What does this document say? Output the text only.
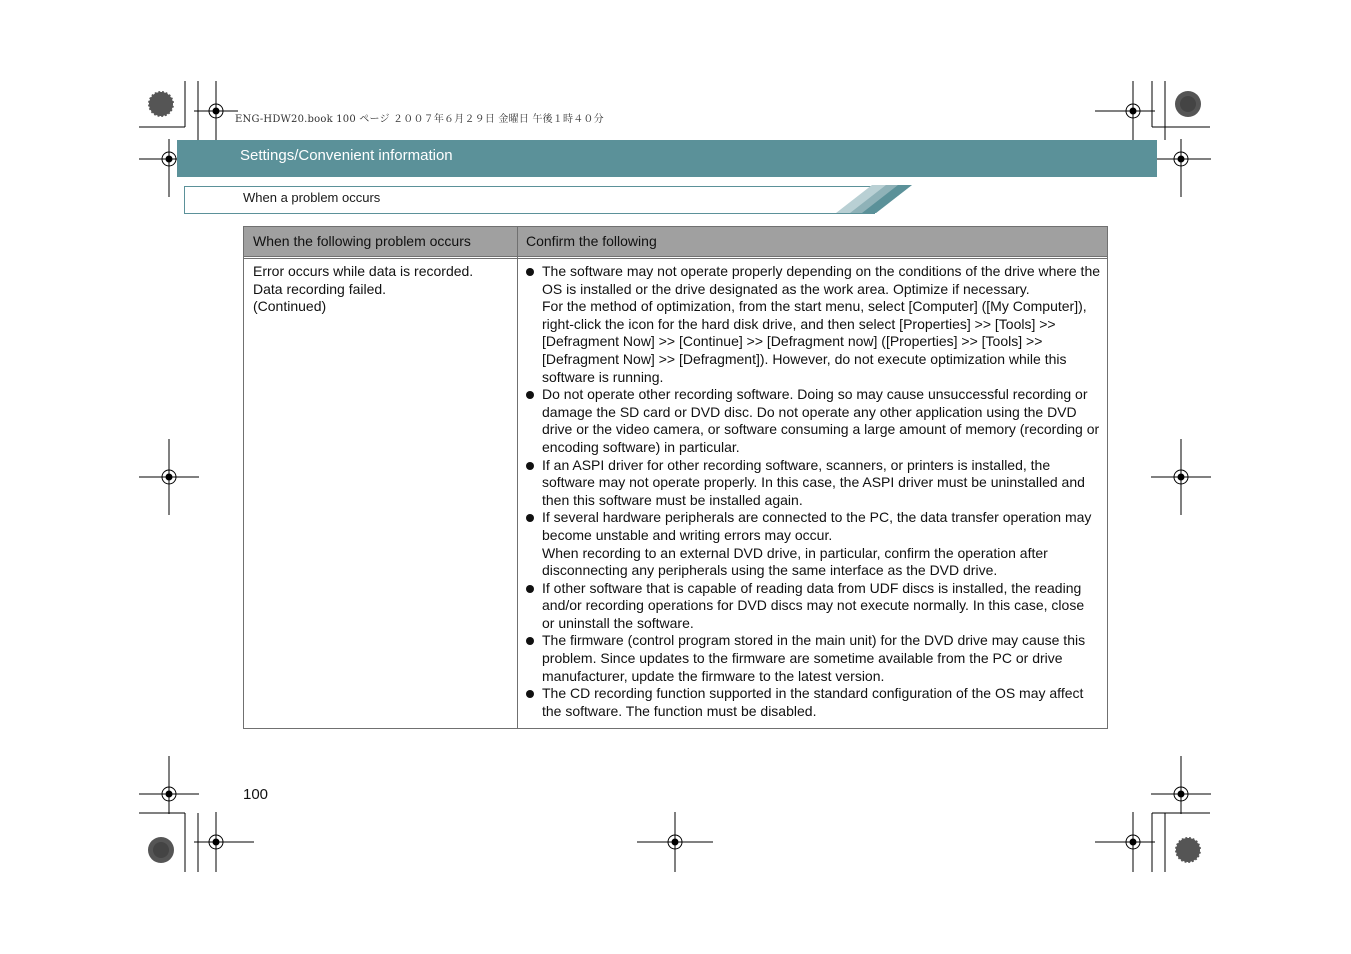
ENG-HDW20.book 100 ページ ２００７年６月２９日 金曜日 午後１時４０分
Settings/Convenient information
When a problem occurs
When the following problem occurs	Confirm the following
Error occurs while data is recorded.
Data recording failed.
(Continued)
The software may not operate properly depending on the conditions of the drive where the OS is installed or the drive designated as the work area. Optimize if necessary.
For the method of optimization, from the start menu, select [Computer] ([My Computer]), right-click the icon for the hard disk drive, and then select [Properties] >> [Tools] >> [Defragment Now] >> [Continue] >> [Defragment now] ([Properties] >> [Tools] >> [Defragment Now] >> [Defragment]). However, do not execute optimization while this software is running.
Do not operate other recording software. Doing so may cause unsuccessful recording or damage the SD card or DVD disc. Do not operate any other application using the DVD drive or the video camera, or software consuming a large amount of memory (recording or encoding software) in particular.
If an ASPI driver for other recording software, scanners, or printers is installed, the software may not operate properly. In this case, the ASPI driver must be uninstalled and then this software must be installed again.
If several hardware peripherals are connected to the PC, the data transfer operation may become unstable and writing errors may occur.
When recording to an external DVD drive, in particular, confirm the operation after disconnecting any peripherals using the same interface as the DVD drive.
If other software that is capable of reading data from UDF discs is installed, the reading and/or recording operations for DVD discs may not execute normally. In this case, close or uninstall the software.
The firmware (control program stored in the main unit) for the DVD drive may cause this problem. Since updates to the firmware are sometime available from the PC or drive manufacturer, update the firmware to the latest version.
The CD recording function supported in the standard configuration of the OS may affect the software. The function must be disabled.
100
